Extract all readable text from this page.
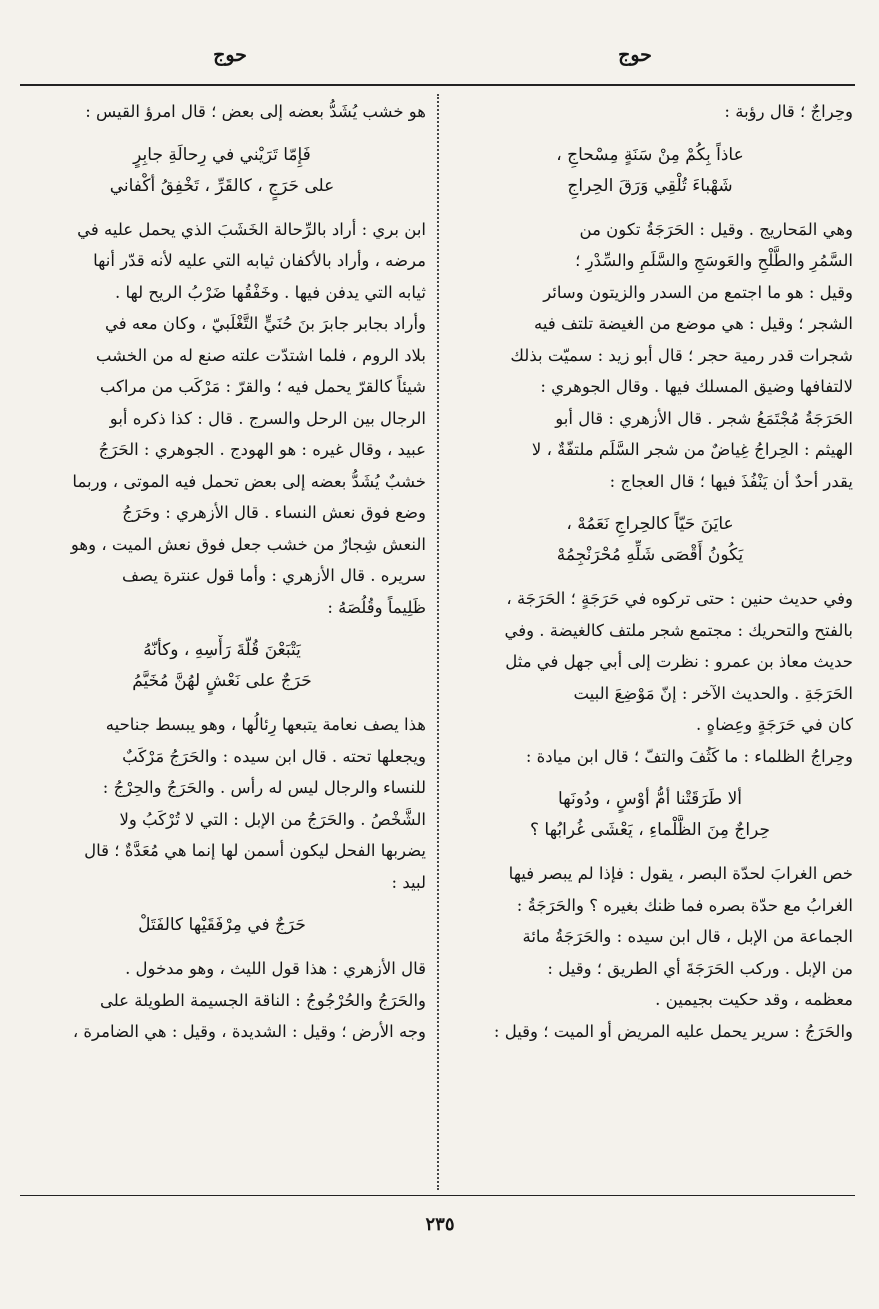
حوج
حوج
وحِراجٌ ؛ قال رؤبة :
عاذاً بِكُمْ مِنْ سَنَةٍ مِسْحاجِ ،
شَهْباءَ تُلْقِي وَرَقَ الحِراجِ
وهي المَحاريج . وقيل : الحَرَجَةُ تكون من
السَّمُرِ والطَّلْحِ والعَوسَجِ والسَّلَمِ والسِّدْرِ ؛
وقيل : هو ما اجتمع من السدر والزيتون وسائر
الشجر ؛ وقيل : هي موضع من الغيضة تلتف فيه
شجرات قدر رمية حجر ؛ قال أبو زيد : سميّت بذلك
لالتفافها وضيق المسلك فيها . وقال الجوهري :
الحَرَجَةُ مُجْتَمَعُ شجر . قال الأزهري : قال أبو
الهيثم : الحِراجُ غِياضٌ من شجر السَّلَم ملتفّةٌ ، لا
يقدر أحدٌ أن يَنْفُذَ فيها ؛ قال العجاج :
عايَنَ حَيّاً كالحِراجِ نَعَمُهْ ،
يَكُونُ أَقْصَى شَلِّهِ مُحْرَنْجِمُهْ
وفي حديث حنين : حتى تركوه في حَرَجَةٍ ؛ الحَرَجَة ،
بالفتح والتحريك : مجتمع شجر ملتف كالغيضة . وفي
حديث معاذ بن عمرو : نظرت إلى أبي جهل في مثل
الحَرَجَةِ . والحديث الآخر : إنّ مَوْضِعَ البيت
كان في حَرَجَةٍ وعِضاهٍ .
وحِراجُ الظلماء : ما كَثُفَ والتفّ ؛ قال ابن ميادة :
ألا طَرَقَتْنا أمُّ أوْسٍ ، ودُونَها
حِراجٌ مِنَ الظَّلْماءِ ، يَعْشَى غُرابُها ؟
خص الغرابَ لحدّة البصر ، يقول : فإذا لم يبصر فيها
الغرابُ مع حدّة بصره فما ظنك بغيره ؟ والحَرَجَةُ :
الجماعة من الإبل ، قال ابن سيده : والحَرَجَةُ مائة
من الإبل . وركب الحَرَجَةَ أي الطريق ؛ وقيل :
معظمه ، وقد حكيت بجيمين .
والحَرَجُ : سرير يحمل عليه المريض أو الميت ؛ وقيل :
هو خشب يُشَدُّ بعضه إلى بعض ؛ قال امرؤ القيس :
فَإِمّا تَرَيْني في رِحالَةِ جابِرٍ
على حَرَجٍ ، كالقَرِّ ، تَخْفِقُ أكْفاني
ابن بري : أراد بالرِّحالة الخَشَبَ الذي يحمل عليه في
مرضه ، وأراد بالأكفان ثيابه التي عليه لأنه قدّر أنها
ثيابه التي يدفن فيها . وخَفْقُها ضَرْبُ الريح لها .
وأراد بجابر جابرَ بنَ حُنَيٍّ التَّغْلَبيّ ، وكان معه في
بلاد الروم ، فلما اشتدّت علته صنع له من الخشب
شيئاً كالقرّ يحمل فيه ؛ والقرّ : مَرْكَب من مراكب
الرجال بين الرحل والسرج . قال : كذا ذكره أبو
عبيد ، وقال غيره : هو الهودج . الجوهري : الحَرَجُ
خشبٌ يُشَدُّ بعضه إلى بعض تحمل فيه الموتى ، وربما
وضع فوق نعش النساء . قال الأزهري : وحَرَجُ
النعش شِجارٌ من خشب جعل فوق نعش الميت ، وهو
سريره . قال الأزهري : وأما قول عنترة يصف
ظَلِيماً وقُلُصَهُ :
يَتْبَعْنَ قُلّةَ رَأْسِهِ ، وكأنّهُ
حَرَجٌ على نَعْشٍ لهُنَّ مُخَيَّمُ
هذا يصف نعامة يتبعها رِئالُها ، وهو يبسط جناحيه
ويجعلها تحته . قال ابن سيده : والحَرَجُ مَرْكَبٌ
للنساء والرجال ليس له رأس . والحَرَجُ والحِرْجُ :
الشَّخْصُ . والحَرَجُ من الإبل : التي لا تُرْكَبُ ولا
يضربها الفحل ليكون أسمن لها إنما هي مُعَدَّةٌ ؛ قال
لبيد :
حَرَجٌ في مِرْفَقَيْها كالفَتَلْ
قال الأزهري : هذا قول الليث ، وهو مدخول .
والحَرَجُ والحُرْجُوجُ : الناقة الجسيمة الطويلة على
وجه الأرض ؛ وقيل : الشديدة ، وقيل : هي الضامرة ،
٢٣٥
